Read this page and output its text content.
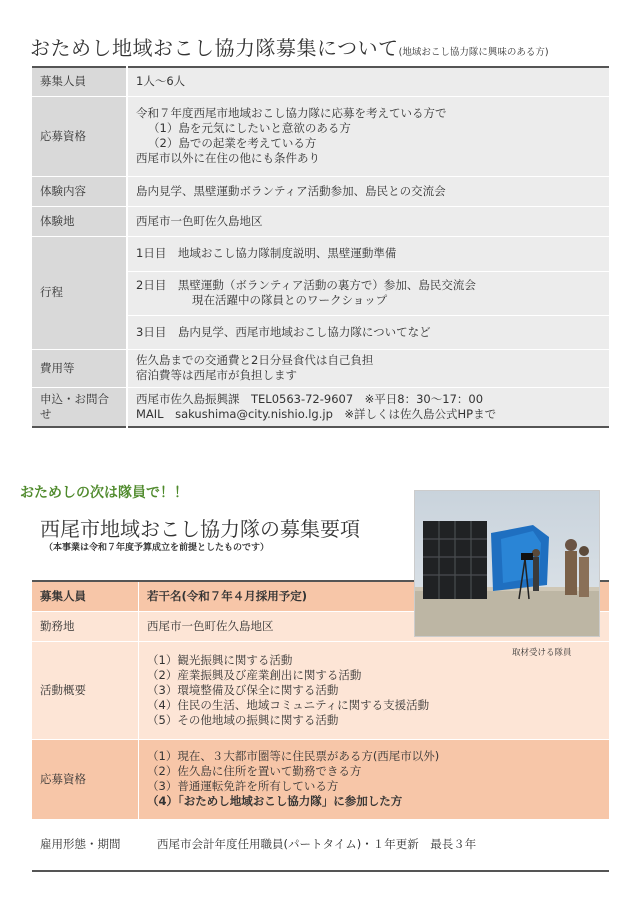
おためし地域おこし協力隊募集について(地域おこし協力隊に興味のある方)
募集人員	1人～6人
応募資格	令和７年度西尾市地域おこし協力隊に応募を考えている方で
（1）島を元気にしたいと意欲のある方
（2）島での起業を考えている方
西尾市以外に在住の他にも条件あり

体験内容	島内見学、黒壁運動ボランティア活動参加、島民との交流会
体験地	西尾市一色町佐久島地区
行程	1日目　地域おこし協力隊制度説明、黒壁運動準備

	2日目　黒壁運動（ボランティア活動の裏方で）参加、島民交流会
現在活躍中の隊員とのワークショップ

	3日目　島内見学、西尾市地域おこし協力隊についてなど
費用等	佐久島までの交通費と2日分昼食代は自己負担
宿泊費等は西尾市が負担します

申込・お問合せ	西尾市佐久島振興課　TEL0563-72-9607　※平日8：30～17：00
MAIL　sakushima@city.nishio.lg.jp　※詳しくは佐久島公式HPまで
おためしの次は隊員で！！
西尾市地域おこし協力隊の募集要項
（本事業は令和７年度予算成立を前提としたものです）
募集人員	若干名(令和７年４月採用予定)
勤務地	西尾市一色町佐久島地区
活動概要	（1）観光振興に関する活動
（2）産業振興及び産業創出に関する活動
（3）環境整備及び保全に関する活動
（4）住民の生活、地域コミュニティに関する支援活動
（5）その他地域の振興に関する活動

応募資格	（1）現在、３大都市圏等に住民票がある方(西尾市以外)
（2）佐久島に住所を置いて勤務できる方
（3）普通運転免許を所有している方
（4）「おためし地域おこし協力隊」に参加した方

雇用形態・期間	西尾市会計年度任用職員(パートタイム)・１年更新　最長３年
取材受ける隊員
